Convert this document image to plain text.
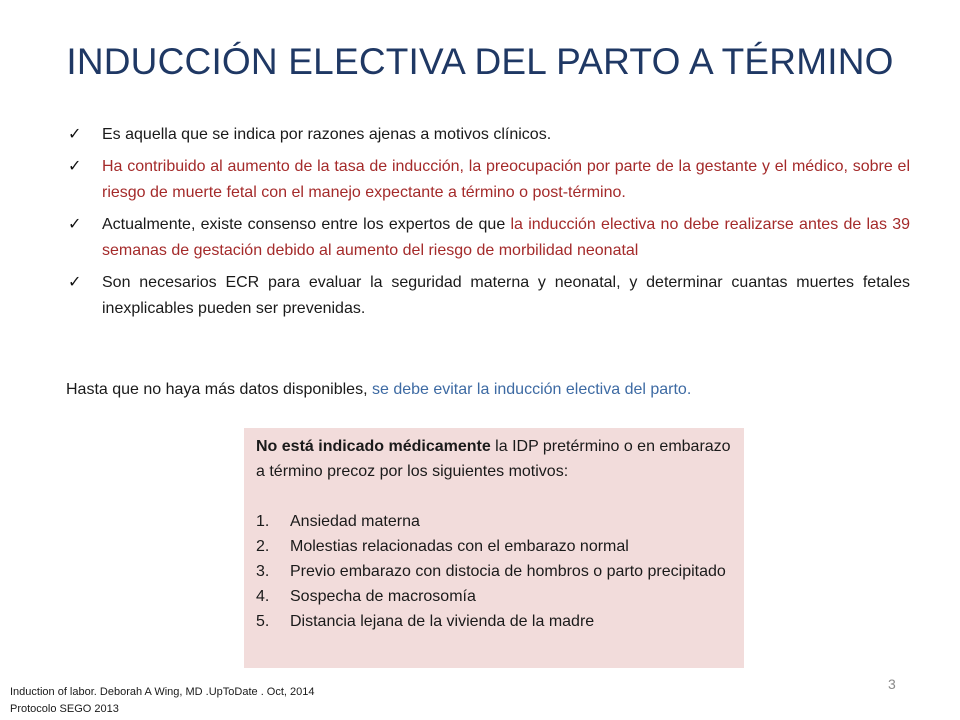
INDUCCIÓN ELECTIVA DEL PARTO A TÉRMINO
✓ Es aquella que se indica por razones ajenas a motivos clínicos.
✓ Ha contribuido al aumento de la tasa de inducción, la preocupación por parte de la gestante y el médico, sobre el riesgo de muerte fetal con el manejo expectante a término o post-término.
✓ Actualmente, existe consenso entre los expertos de que la inducción electiva no debe realizarse antes de las 39 semanas de gestación debido al aumento del riesgo de morbilidad neonatal
✓ Son necesarios ECR para evaluar la seguridad materna y neonatal, y determinar cuantas muertes fetales inexplicables pueden ser prevenidas.
Hasta que no haya más datos disponibles, se debe evitar la inducción electiva del parto.

No está indicado médicamente la IDP pretérmino o en embarazo a término precoz por los siguientes motivos:

1. Ansiedad materna
2. Molestias relacionadas con el embarazo normal
3. Previo embarazo con distocia de hombros o parto precipitado
4. Sospecha de macrosomía
5. Distancia lejana de la vivienda de la madre
3
Induction of labor. Deborah A Wing, MD .UpToDate . Oct, 2014
Protocolo SEGO 2013
